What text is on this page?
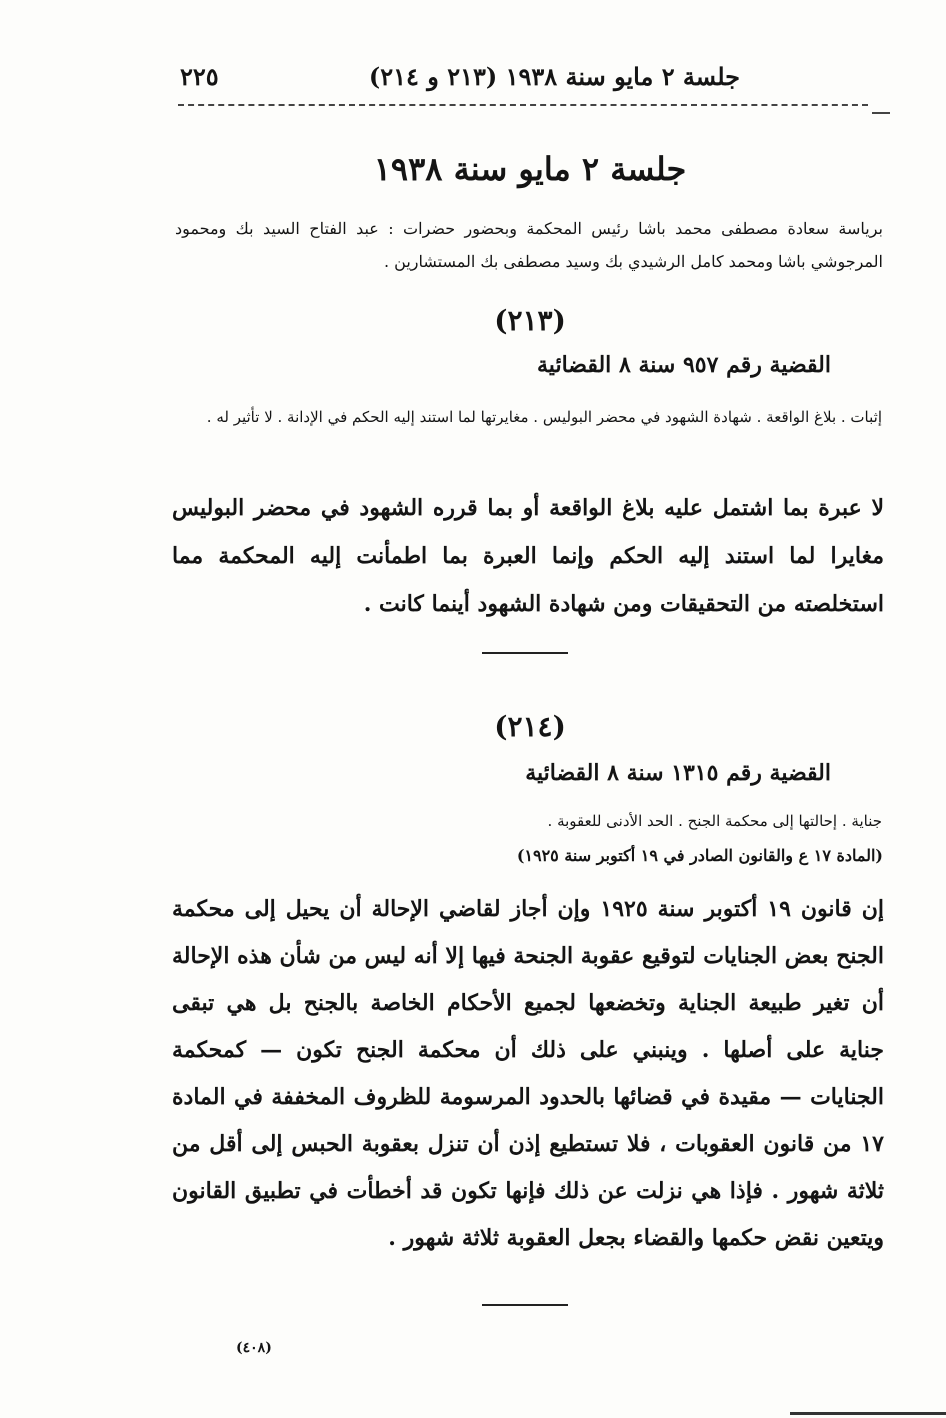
٢٢٥	جلسة ٢ مايو سنة ١٩٣٨ (٢١٣ و ٢١٤)
جلسة ٢ مايو سنة ١٩٣٨
برياسة سعادة مصطفى محمد باشا رئيس المحكمة وبحضور حضرات : عبد الفتاح السيد بك ومحمود المرجوشي باشا ومحمد كامل الرشيدي بك وسيد مصطفى بك المستشارين .
(٢١٣)
القضية رقم ٩٥٧ سنة ٨ القضائية
إثبات . بلاغ الواقعة . شهادة الشهود في محضر البوليس . مغايرتها لما استند إليه الحكم في الإدانة . لا تأثير له .
لا عبرة بما اشتمل عليه بلاغ الواقعة أو بما قرره الشهود في محضر البوليس مغايرا لما استند إليه الحكم وإنما العبرة بما اطمأنت إليه المحكمة مما استخلصته من التحقيقات ومن شهادة الشهود أينما كانت .
(٢١٤)
القضية رقم ١٣١٥ سنة ٨ القضائية
جناية . إحالتها إلى محكمة الجنح . الحد الأدنى للعقوبة .
(المادة ١٧ ع والقانون الصادر في ١٩ أكتوبر سنة ١٩٢٥)
إن قانون ١٩ أكتوبر سنة ١٩٢٥ وإن أجاز لقاضي الإحالة أن يحيل إلى محكمة الجنح بعض الجنايات لتوقيع عقوبة الجنحة فيها إلا أنه ليس من شأن هذه الإحالة أن تغير طبيعة الجناية وتخضعها لجميع الأحكام الخاصة بالجنح بل هي تبقى جناية على أصلها . وينبني على ذلك أن محكمة الجنح تكون — كمحكمة الجنايات — مقيدة في قضائها بالحدود المرسومة للظروف المخففة في المادة ١٧ من قانون العقوبات ، فلا تستطيع إذن أن تنزل بعقوبة الحبس إلى أقل من ثلاثة شهور . فإذا هي نزلت عن ذلك فإنها تكون قد أخطأت في تطبيق القانون ويتعين نقض حكمها والقضاء بجعل العقوبة ثلاثة شهور .
(٤٠٨)
